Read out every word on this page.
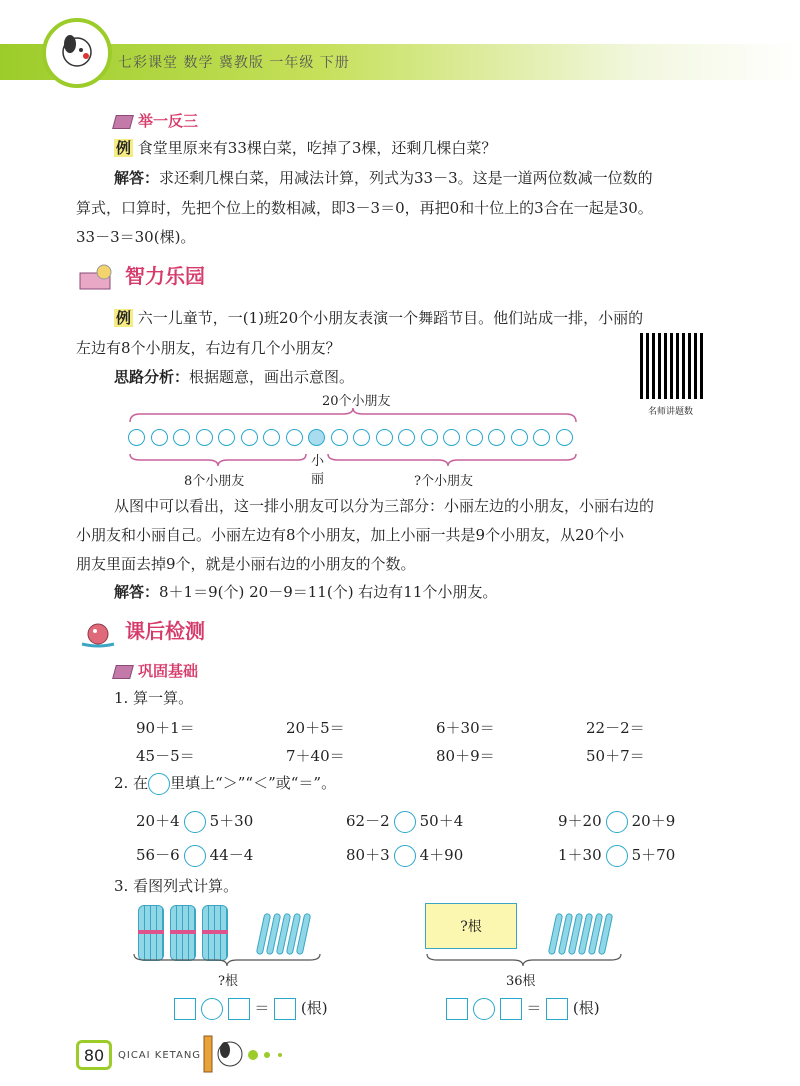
七彩课堂 数学 冀教版 一年级 下册
举一反三
例 食堂里原来有33棵白菜，吃掉了3棵，还剩几棵白菜？
解答：求还剩几棵白菜，用减法计算，列式为33－3。这是一道两位数减一位数的
算式，口算时，先把个位上的数相减，即3－3＝0，再把0和十位上的3合在一起是30。
33－3＝30(棵)。
智力乐园
例 六一儿童节，一(1)班20个小朋友表演一个舞蹈节目。他们站成一排，小丽的
左边有8个小朋友，右边有几个小朋友？
思路分析：根据题意，画出示意图。
名师讲题数
20个小朋友
8个小朋友
小
丽	?个小朋友
从图中可以看出，这一排小朋友可以分为三部分：小丽左边的小朋友，小丽右边的
小朋友和小丽自己。小丽左边有8个小朋友，加上小丽一共是9个小朋友，从20个小
朋友里面去掉9个，就是小丽右边的小朋友的个数。
解答：8＋1＝9(个) 20－9＝11(个) 右边有11个小朋友。
课后检测
巩固基础
1. 算一算。
90＋1＝	20＋5＝	6＋30＝	22－2＝
45－5＝	7＋40＝	80＋9＝	50＋7＝
2. 在 里填上“＞”“＜”或“＝”。
20＋4 5＋30	62－2 50＋4	9＋20 20＋9
56－6 44－4	80＋3 4＋90	1＋30 5＋70
3. 看图列式计算。
?根
＝ (根)
?根
36根
＝ (根)
80	QICAI KETANG
